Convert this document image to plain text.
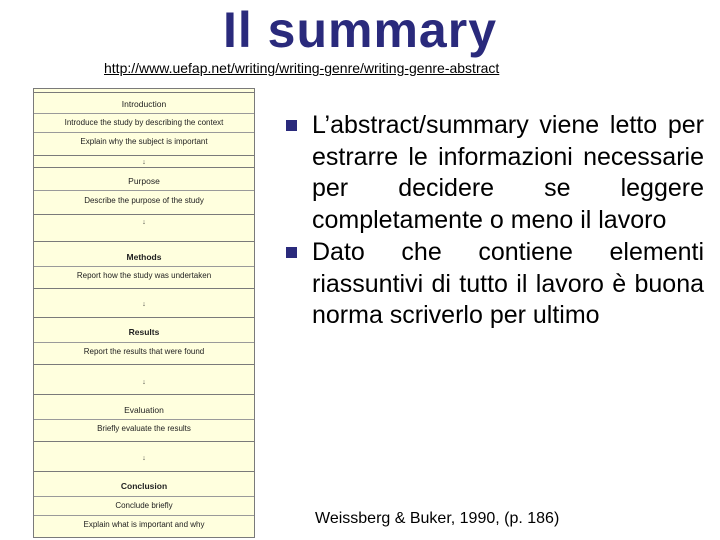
Il summary
http://www.uefap.net/writing/writing-genre/writing-genre-abstract
Introduction
Introduce the study by describing the context
Explain why the subject is important
↓
Purpose
Describe the purpose of the study
↓
Methods
Report how the study was undertaken
↓
Results
Report the results that were found
↓
Evaluation
Briefly evaluate the results
↓
Conclusion
Conclude briefly
Explain what is important and why
L’abstract/summary viene letto per estrarre le informazioni necessarie per decidere se leggere completamente o meno il lavoro
Dato che contiene elementi riassuntivi di tutto il lavoro è buona norma scriverlo per ultimo
Weissberg & Buker, 1990, (p. 186)
